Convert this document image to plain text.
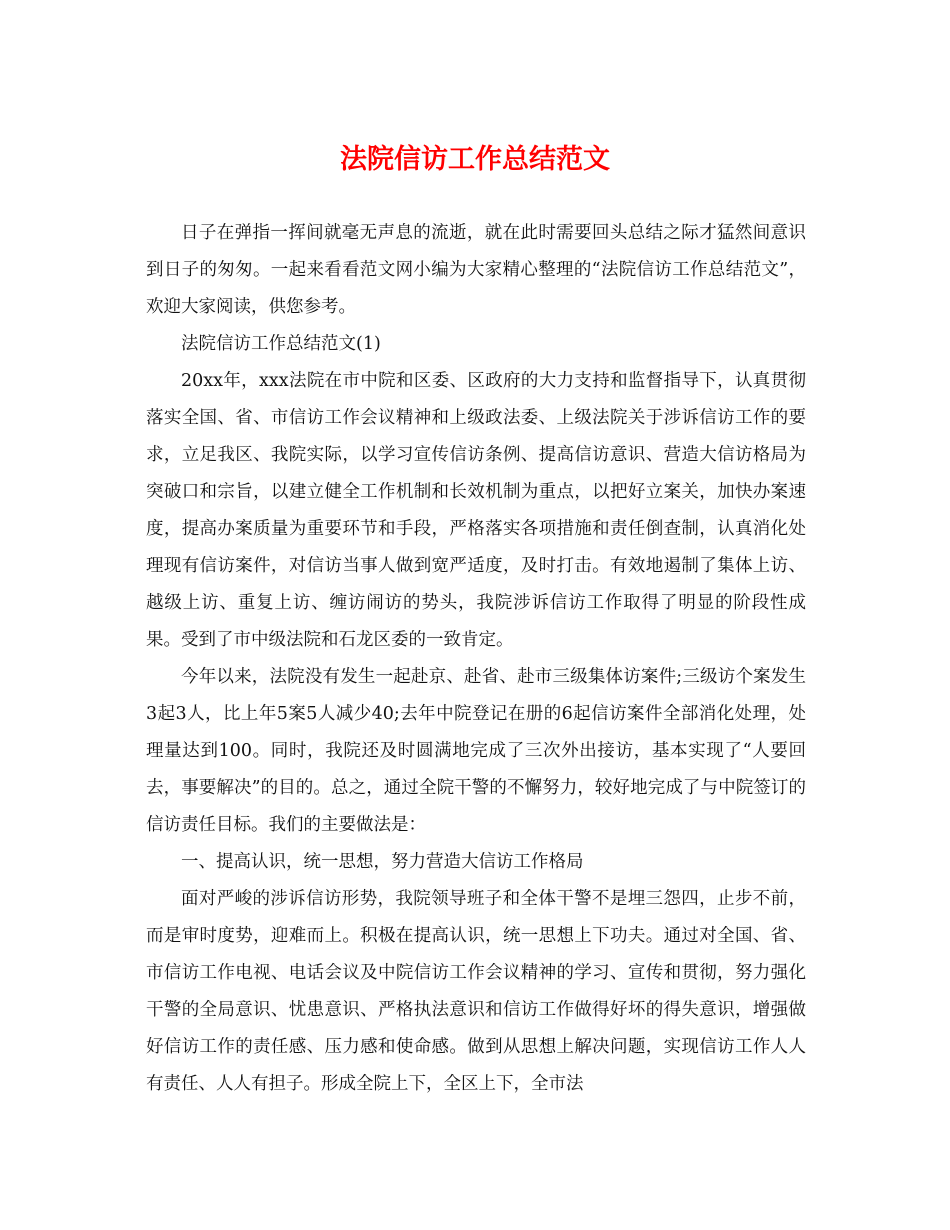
法院信访工作总结范文

日子在弹指一挥间就毫无声息的流逝，就在此时需要回头总结之际才猛然间意识到日子的匆匆。一起来看看范文网小编为大家精心整理的“法院信访工作总结范文”，欢迎大家阅读，供您参考。

法院信访工作总结范文(1)

20xx年，xxx法院在市中院和区委、区政府的大力支持和监督指导下，认真贯彻落实全国、省、市信访工作会议精神和上级政法委、上级法院关于涉诉信访工作的要求，立足我区、我院实际，以学习宣传信访条例、提高信访意识、营造大信访格局为突破口和宗旨，以建立健全工作机制和长效机制为重点，以把好立案关，加快办案速度，提高办案质量为重要环节和手段，严格落实各项措施和责任倒查制，认真消化处理现有信访案件，对信访当事人做到宽严适度，及时打击。有效地遏制了集体上访、越级上访、重复上访、缠访闹访的势头，我院涉诉信访工作取得了明显的阶段性成果。受到了市中级法院和石龙区委的一致肯定。

今年以来，法院没有发生一起赴京、赴省、赴市三级集体访案件;三级访个案发生3起3人，比上年5案5人减少40;去年中院登记在册的6起信访案件全部消化处理，处理量达到100。同时，我院还及时圆满地完成了三次外出接访，基本实现了“人要回去，事要解决”的目的。总之，通过全院干警的不懈努力，较好地完成了与中院签订的信访责任目标。我们的主要做法是：

一、提高认识，统一思想，努力营造大信访工作格局

面对严峻的涉诉信访形势，我院领导班子和全体干警不是埋三怨四，止步不前，而是审时度势，迎难而上。积极在提高认识，统一思想上下功夫。通过对全国、省、市信访工作电视、电话会议及中院信访工作会议精神的学习、宣传和贯彻，努力强化干警的全局意识、忧患意识、严格执法意识和信访工作做得好坏的得失意识，增强做好信访工作的责任感、压力感和使命感。做到从思想上解决问题，实现信访工作人人有责任、人人有担子。形成全院上下，全区上下，全市法
